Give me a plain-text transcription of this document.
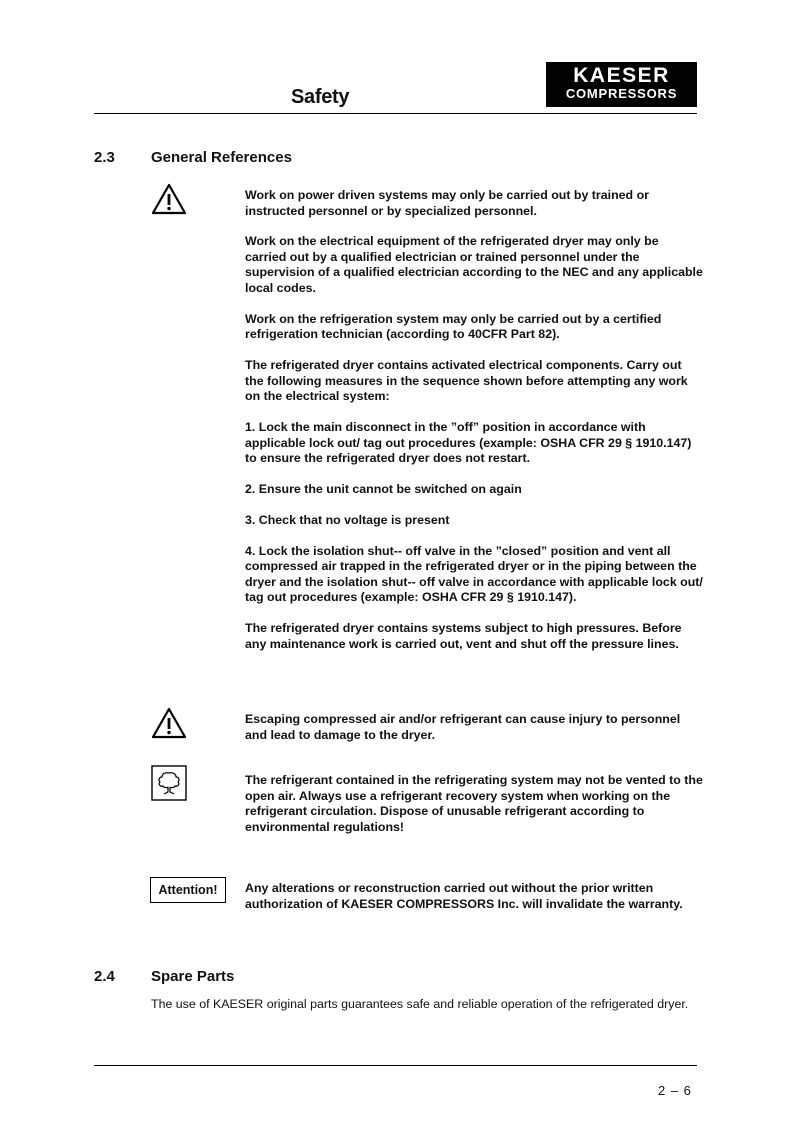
Safety
KAESER
COMPRESSORS
2.3 General References

Work on power driven systems may only be carried out by trained or instructed personnel or by specialized personnel.

Work on the electrical equipment of the refrigerated dryer may only be carried out by a qualified electrician or trained personnel under the supervision of a qualified electrician according to the NEC and any applicable local codes.

Work on the refrigeration system may only be carried out by a certified refrigeration technician (according to 40CFR Part 82).

The refrigerated dryer contains activated electrical components. Carry out the following measures in the sequence shown before attempting any work on the electrical system:

1. Lock the main disconnect in the ”off” position in accordance with applicable lock out/ tag out procedures (example: OSHA CFR 29 § 1910.147) to ensure the refrigerated dryer does not restart.

2. Ensure the unit cannot be switched on again

3. Check that no voltage is present

4. Lock the isolation shut-- off valve in the ”closed” position and vent all compressed air trapped in the refrigerated dryer or in the piping between the dryer and the isolation shut-- off valve in accordance with applicable lock out/ tag out procedures (example: OSHA CFR 29 § 1910.147).

The refrigerated dryer contains systems subject to high pressures. Before any maintenance work is carried out, vent and shut off the pressure lines.

Escaping compressed air and/or refrigerant can cause injury to personnel and lead to damage to the dryer.
The refrigerant contained in the refrigerating system may not be vented to the open air. Always use a refrigerant recovery system when working on the refrigerant circulation. Dispose of unusable refrigerant according to environmental regulations!
Attention!	Any alterations or reconstruction carried out without the prior written authorization of KAESER COMPRESSORS Inc. will invalidate the warranty.
2.4 Spare Parts
The use of KAESER original parts guarantees safe and reliable operation of the refrigerated dryer.
2 – 6
